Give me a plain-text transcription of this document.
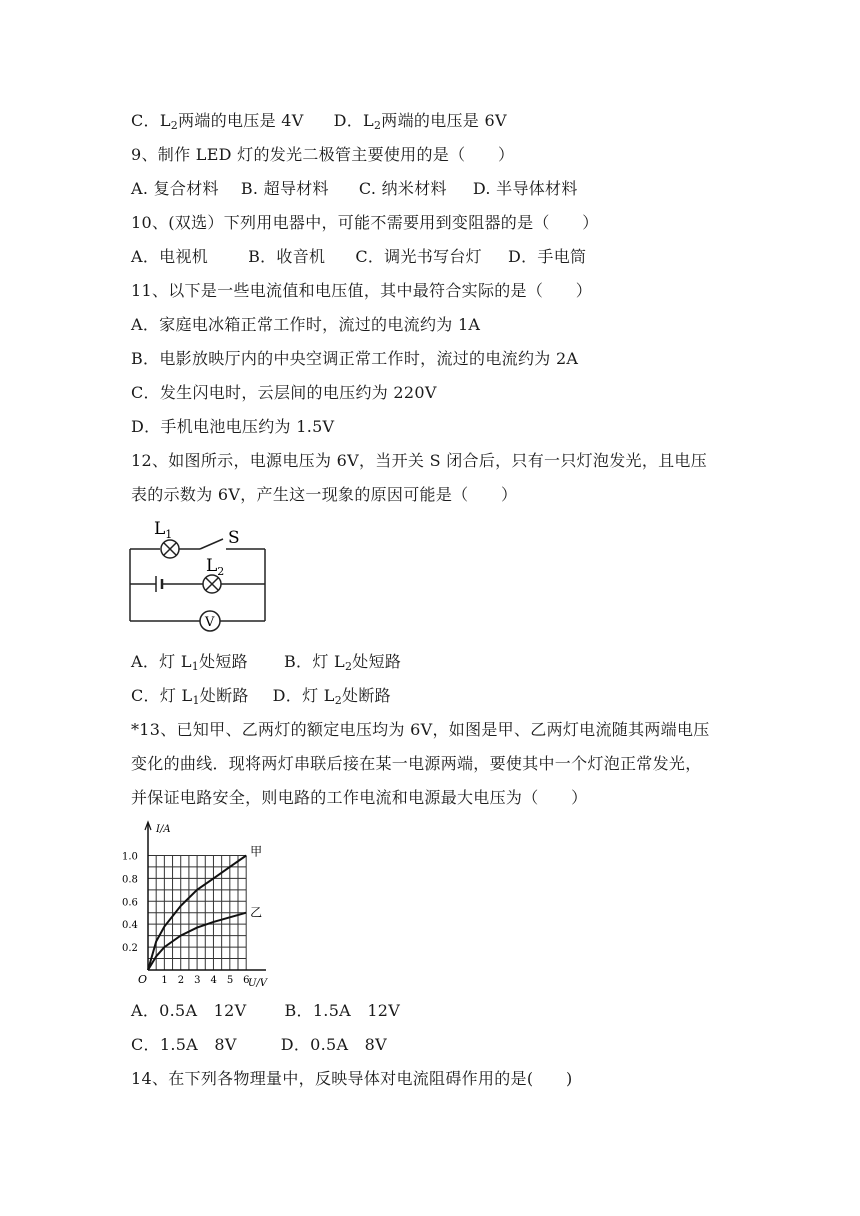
C．$L_2$两端的电压是 4V D．$L_2$两端的电压是 6V
9、制作 LED 灯的发光二极管主要使用的是（　　）
A. 复合材料 B. 超导材料 C. 纳米材料 D. 半导体材料
10、(双选）下列用电器中，可能不需要用到变阻器的是（　　）
A．电视机	B．收音机 C．调光书写台灯 D．手电筒
11、以下是一些电流值和电压值，其中最符合实际的是（　　）
A．家庭电冰箱正常工作时，流过的电流约为 1A
B．电影放映厅内的中央空调正常工作时，流过的电流约为 2A
C．发生闪电时，云层间的电压约为 220V
D．手机电池电压约为 1.5V
12、如图所示，电源电压为 6V，当开关 S 闭合后，只有一只灯泡发光，且电压
表的示数为 6V，产生这一现象的原因可能是（　　）
$L_1$	S
$L_2$
V
A．灯 $L_1$处短路 B．灯 $L_2$处短路
C．灯 $L_1$处断路 D．灯 $L_2$处断路
*13、已知甲、乙两灯的额定电压均为 6V，如图是甲、乙两灯电流随其两端电压
变化的曲线．现将两灯串联后接在某一电源两端，要使其中一个灯泡正常发光，
并保证电路安全，则电路的工作电流和电源最大电压为（　　）
1 2 3 4 5 6
0.2
0.4
0.6
0.8
1.0
O
I/A
U/V
甲
乙
A．0.5A　12V B．1.5A　12V
C．1.5A　8V	D．0.5A　8V
14、在下列各物理量中，反映导体对电流阻碍作用的是(　　)
